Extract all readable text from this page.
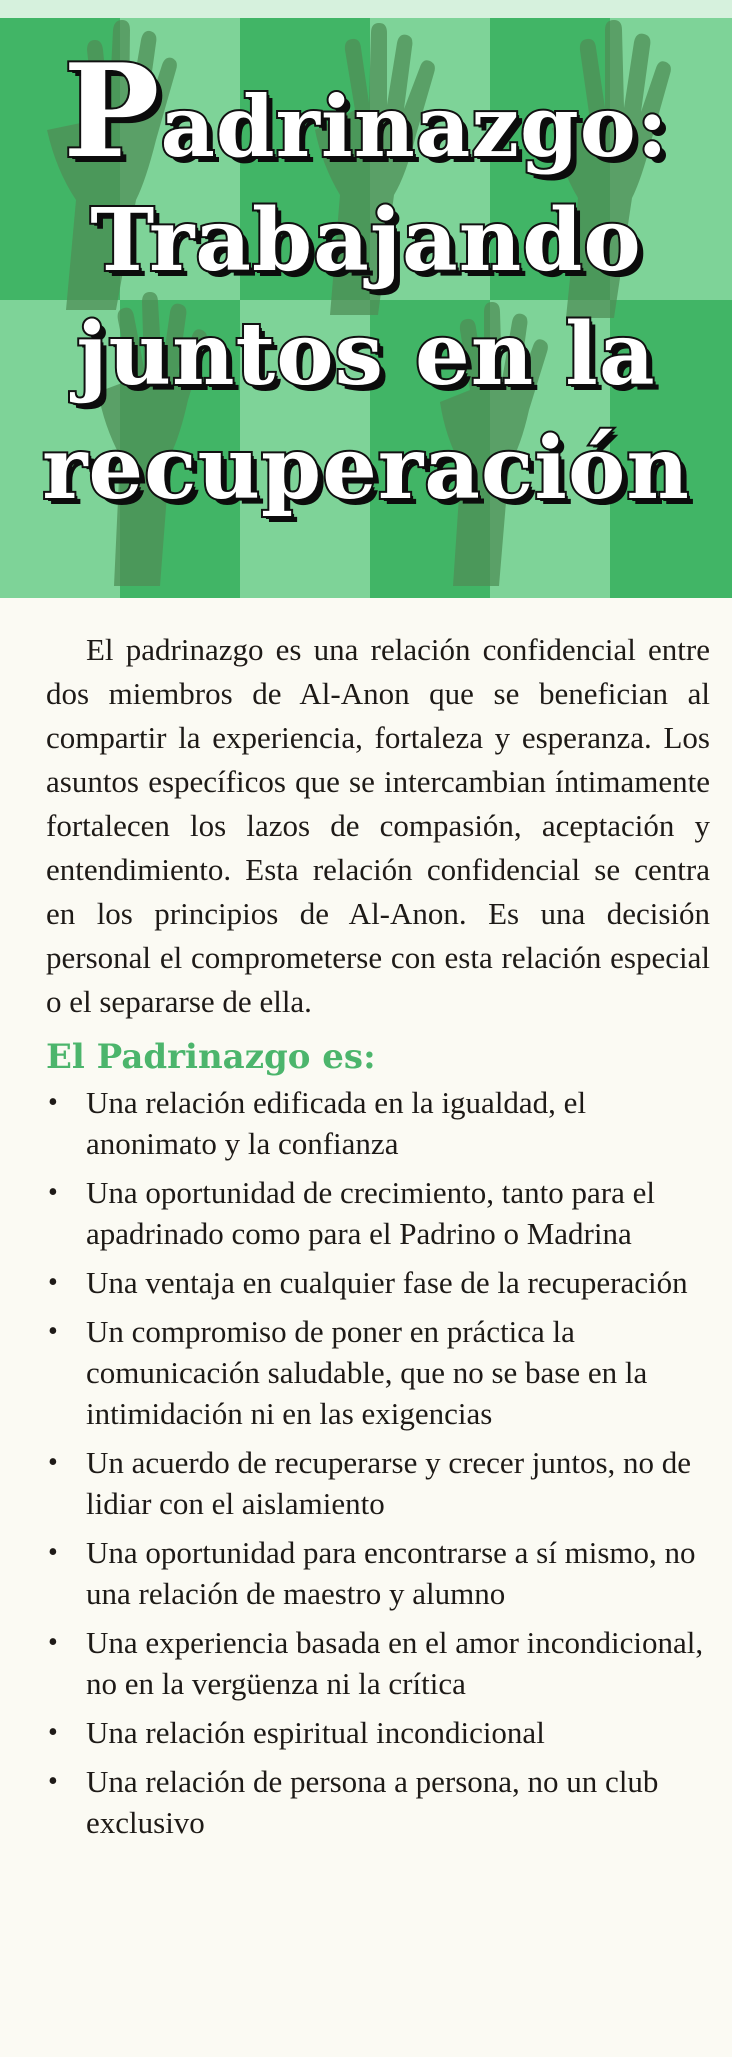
Padrinazgo:
Trabajando
juntos en la
recuperación

El padrinazgo es una relación confidencial entre dos miembros de Al-Anon que se benefician al compartir la experiencia, fortaleza y esperanza. Los asuntos específicos que se intercambian íntimamente fortalecen los lazos de compasión, aceptación y entendimiento. Esta relación confidencial se centra en los principios de Al-Anon. Es una decisión personal el comprometerse con esta relación especial o el separarse de ella.

El Padrinazgo es:
• Una relación edificada en la igualdad, el anonimato y la confianza
• Una oportunidad de crecimiento, tanto para el apadrinado como para el Padrino o Madrina
• Una ventaja en cualquier fase de la recuperación
• Un compromiso de poner en práctica la comunicación saludable, que no se base en la intimidación ni en las exigencias
• Un acuerdo de recuperarse y crecer juntos, no de lidiar con el aislamiento
• Una oportunidad para encontrarse a sí mismo, no una relación de maestro y alumno
• Una experiencia basada en el amor incondicional, no en la vergüenza ni la crítica
• Una relación espiritual incondicional
• Una relación de persona a persona, no un club exclusivo
